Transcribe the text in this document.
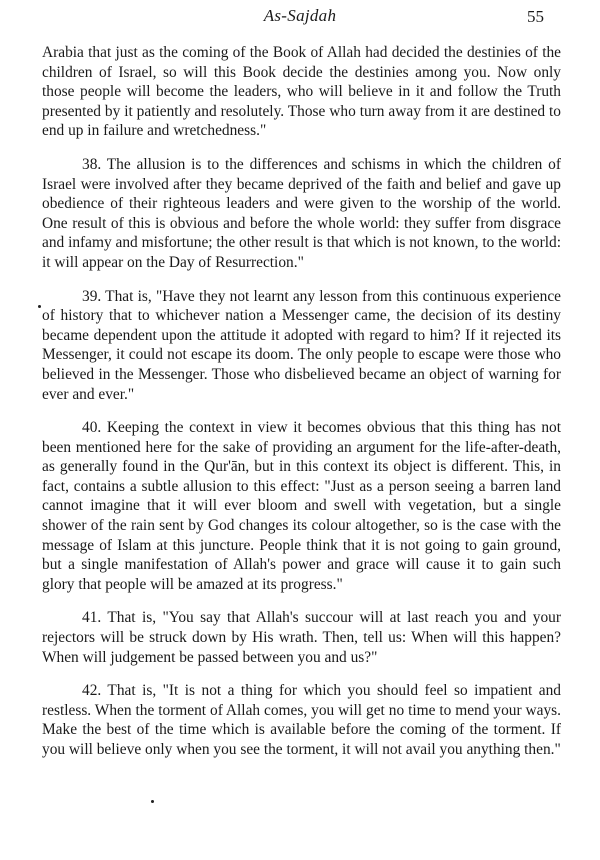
As-Sajdah	55

Arabia that just as the coming of the Book of Allah had decided the destinies of the children of Israel, so will this Book decide the destinies among you. Now only those people will become the leaders, who will believe in it and follow the Truth presented by it patiently and resolutely. Those who turn away from it are destined to end up in failure and wretchedness."

38. The allusion is to the differences and schisms in which the children of Israel were involved after they became deprived of the faith and belief and gave up obedience of their righteous leaders and were given to the worship of the world. One result of this is obvious and before the whole world: they suffer from disgrace and infamy and misfortune; the other result is that which is not known, to the world: it will appear on the Day of Resurrection."

39. That is, "Have they not learnt any lesson from this continuous experience of history that to whichever nation a Messenger came, the decision of its destiny became dependent upon the attitude it adopted with regard to him? If it rejected its Messenger, it could not escape its doom. The only people to escape were those who believed in the Messenger. Those who disbelieved became an object of warning for ever and ever."

40. Keeping the context in view it becomes obvious that this thing has not been mentioned here for the sake of providing an argument for the life-after-death, as generally found in the Qur'ān, but in this context its object is different. This, in fact, contains a subtle allusion to this effect: "Just as a person seeing a barren land cannot imagine that it will ever bloom and swell with vegetation, but a single shower of the rain sent by God changes its colour altogether, so is the case with the message of Islam at this juncture. People think that it is not going to gain ground, but a single manifestation of Allah's power and grace will cause it to gain such glory that people will be amazed at its progress."

41. That is, "You say that Allah's succour will at last reach you and your rejectors will be struck down by His wrath. Then, tell us: When will this happen? When will judgement be passed between you and us?"

42. That is, "It is not a thing for which you should feel so impatient and restless. When the torment of Allah comes, you will get no time to mend your ways. Make the best of the time which is available before the coming of the torment. If you will believe only when you see the torment, it will not avail you anything then."
